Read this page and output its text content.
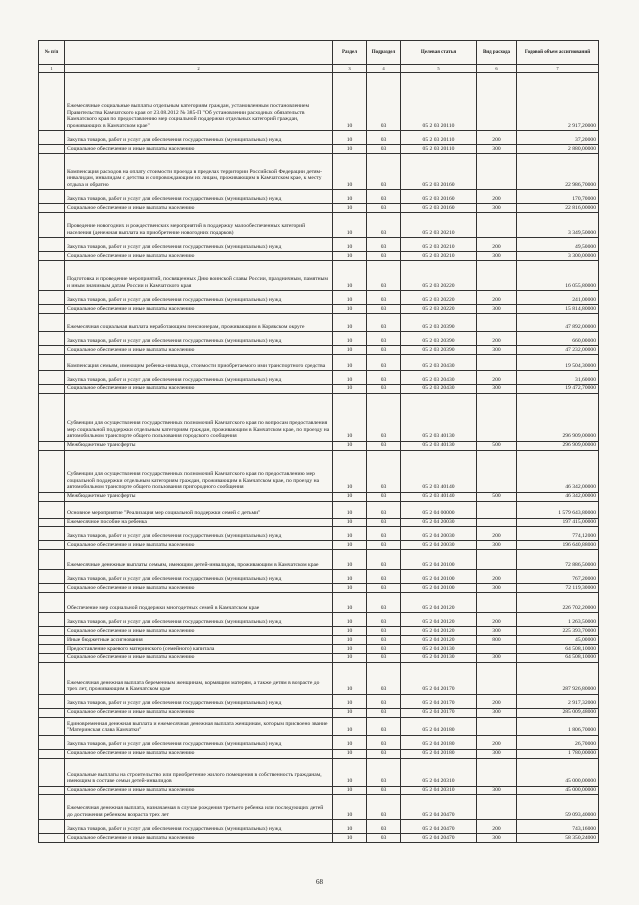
№ п/п		Раздел	Подраздел	Целевая статья	Вид расхода	Годовой объем ассигнований
1	2	3	4	5	6	7
	Ежемесячные социальные выплаты отдельным категориям граждан, установленным постановлением Правительства Камчатского края от 23.08.2012 № 385-П "Об установлении расходных обязательств Камчатского края по предоставлению мер социальной поддержки отдельных категорий граждан, проживающих в Камчатском крае"	10	03	05 2 03 20110		2 917,20000
	Закупка товаров, работ и услуг для обеспечения государственных (муниципальных) нужд	10	03	05 2 03 20110	200	37,20000
	Социальное обеспечение и иные выплаты населению	10	03	05 2 03 20110	300	2 880,00000
	Компенсация расходов на оплату стоимости проезда в пределах территории Российской Федерации детям-инвалидам, инвалидам с детства и сопровождающим их лицам, проживающим в Камчатском крае, к месту отдыха и обратно	10	03	05 2 03 20160		22 986,70000
	Закупка товаров, работ и услуг для обеспечения государственных (муниципальных) нужд	10	03	05 2 03 20160	200	170,70000
	Социальное обеспечение и иные выплаты населению	10	03	05 2 03 20160	300	22 816,00000
	Проведение новогодних и рождественских мероприятий в поддержку малообеспеченных категорий населения (денежная выплата на приобретение новогодних подарков)	10	03	05 2 03 20210		3 349,50000
	Закупка товаров, работ и услуг для обеспечения государственных (муниципальных) нужд	10	03	05 2 03 20210	200	49,50000
	Социальное обеспечение и иные выплаты населению	10	03	05 2 03 20210	300	3 300,00000
	Подготовка и проведение мероприятий, посвященных Дню воинской славы России, праздничным, памятным и иным значимым датам России и Камчатского края	10	03	05 2 03 20220		16 055,80000
	Закупка товаров, работ и услуг для обеспечения государственных (муниципальных) нужд	10	03	05 2 03 20220	200	241,00000
	Социальное обеспечение и иные выплаты населению	10	03	05 2 03 20220	300	15 814,80000
	Ежемесячная социальная выплата неработающим пенсионерам, проживающим в Корякском округе	10	03	05 2 03 20390		47 892,00000
	Закупка товаров, работ и услуг для обеспечения государственных (муниципальных) нужд	10	03	05 2 03 20390	200	660,00000
	Социальное обеспечение и иные выплаты населению	10	03	05 2 03 20390	300	47 232,00000
	Компенсация семьям, имеющим ребенка-инвалида, стоимости приобретаемого ими транспортного средства	10	03	05 2 03 20430		19 504,30000
	Закупка товаров, работ и услуг для обеспечения государственных (муниципальных) нужд	10	03	05 2 03 20430	200	31,60000
	Социальное обеспечение и иные выплаты населению	10	03	05 2 03 20430	300	19 472,70000
	Субвенции для осуществления государственных полномочий Камчатского края по вопросам предоставления мер социальной поддержки отдельным категориям граждан, проживающим в Камчатском крае, по проезду на автомобильном транспорте общего пользования городского сообщения	10	03	05 2 03 40130		296 909,00000
	Межбюджетные трансферты	10	03	05 2 03 40130	500	296 909,00000
	Субвенции для осуществления государственных полномочий Камчатского края по предоставлению мер социальной поддержки отдельным категориям граждан, проживающим в Камчатском крае, по проезду на автомобильном транспорте общего пользования пригородного сообщения	10	03	05 2 03 40140		46 342,00000
	Межбюджетные трансферты	10	03	05 2 03 40140	500	46 342,00000
	Основное мероприятие "Реализация мер социальной поддержки семей с детьми"	10	03	05 2 04 00000		1 579 643,80000
	Ежемесячное пособие на ребенка	10	03	05 2 04 20030		197 415,00000
	Закупка товаров, работ и услуг для обеспечения государственных (муниципальных) нужд	10	03	05 2 04 20030	200	774,12000
	Социальное обеспечение и иные выплаты населению	10	03	05 2 04 20030	300	196 640,88000
	Ежемесячные денежные выплаты семьям, имеющим детей-инвалидов, проживающим в Камчатском крае	10	03	05 2 04 20100		72 886,50000
	Закупка товаров, работ и услуг для обеспечения государственных (муниципальных) нужд	10	03	05 2 04 20100	200	767,20000
	Социальное обеспечение и иные выплаты населению	10	03	05 2 04 20100	300	72 119,30000
	Обеспечение мер социальной поддержки многодетных семей в Камчатском крае	10	03	05 2 04 20120		226 702,20000
	Закупка товаров, работ и услуг для обеспечения государственных (муниципальных) нужд	10	03	05 2 04 20120	200	1 263,50000
	Социальное обеспечение и иные выплаты населению	10	03	05 2 04 20120	300	225 393,70000
	Иные бюджетные ассигнования	10	03	05 2 04 20120	800	45,00000
	Предоставление краевого материнского (семейного) капитала	10	03	05 2 04 20130		64 508,10000
	Социальное обеспечение и иные выплаты населению	10	03	05 2 04 20130	300	64 508,10000
	Ежемесячная денежная выплата беременным женщинам, кормящим матерям, а также детям в возрасте до трех лет, проживающим в Камчатском крае	10	03	05 2 04 20170		287 926,80000
	Закупка товаров, работ и услуг для обеспечения государственных (муниципальных) нужд	10	03	05 2 04 20170	200	2 917,32000
	Социальное обеспечение и иные выплаты населению	10	03	05 2 04 20170	300	285 009,48000
	Единовременная денежная выплата и ежемесячная денежная выплата женщинам, которым присвоено звание "Материнская слава Камчатки"	10	03	05 2 04 20180		1 806,70000
	Закупка товаров, работ и услуг для обеспечения государственных (муниципальных) нужд	10	03	05 2 04 20180	200	26,70000
	Социальное обеспечение и иные выплаты населению	10	03	05 2 04 20180	300	1 780,00000
	Социальные выплаты на строительство или приобретение жилого помещения в собственность гражданам, имеющим в составе семьи детей-инвалидов	10	03	05 2 04 20310		45 000,00000
	Социальное обеспечение и иные выплаты населению	10	03	05 2 04 20310	300	45 000,00000
	Ежемесячная денежная выплата, назначаемая в случае рождения третьего ребенка или последующих детей до достижения ребенком возраста трех лет	10	03	05 2 04 20470		59 093,40000
	Закупка товаров, работ и услуг для обеспечения государственных (муниципальных) нужд	10	03	05 2 04 20470	200	743,16000
	Социальное обеспечение и иные выплаты населению	10	03	05 2 04 20470	300	58 350,24000
68
